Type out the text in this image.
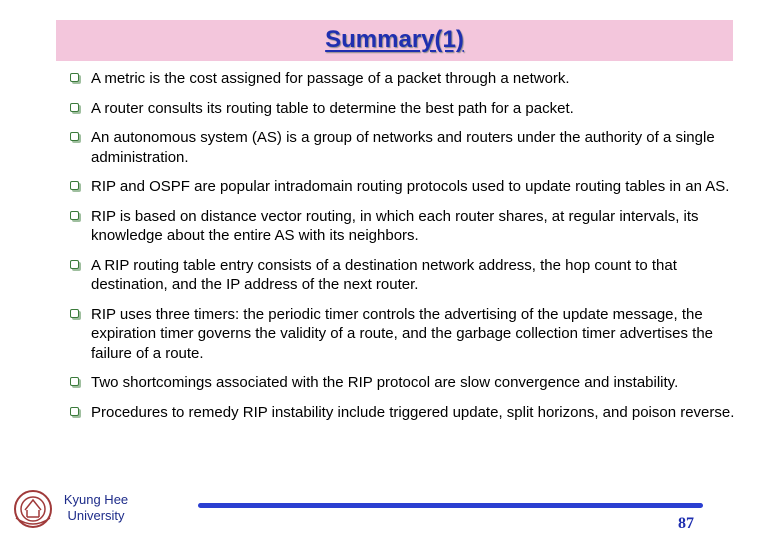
Summary(1)
A metric is the cost assigned for passage of a packet through a network.
A router consults its routing table to determine the best path for a packet.
An autonomous system (AS) is a group of networks and routers under the authority of a single administration.
RIP and OSPF are popular intradomain routing protocols used to update routing tables in an AS.
RIP is based on distance vector routing, in which each router shares, at regular intervals, its knowledge about the entire AS with its neighbors.
A RIP routing table entry consists of a destination network address, the hop count to that destination, and the IP address of the next router.
RIP uses three timers: the periodic timer controls the advertising of the update message, the expiration timer governs the validity of a route, and the garbage collection timer advertises the failure of a route.
Two shortcomings associated with the RIP protocol are slow convergence and instability.
Procedures to remedy RIP instability include triggered update, split horizons, and poison reverse.
Kyung Hee
University	87
